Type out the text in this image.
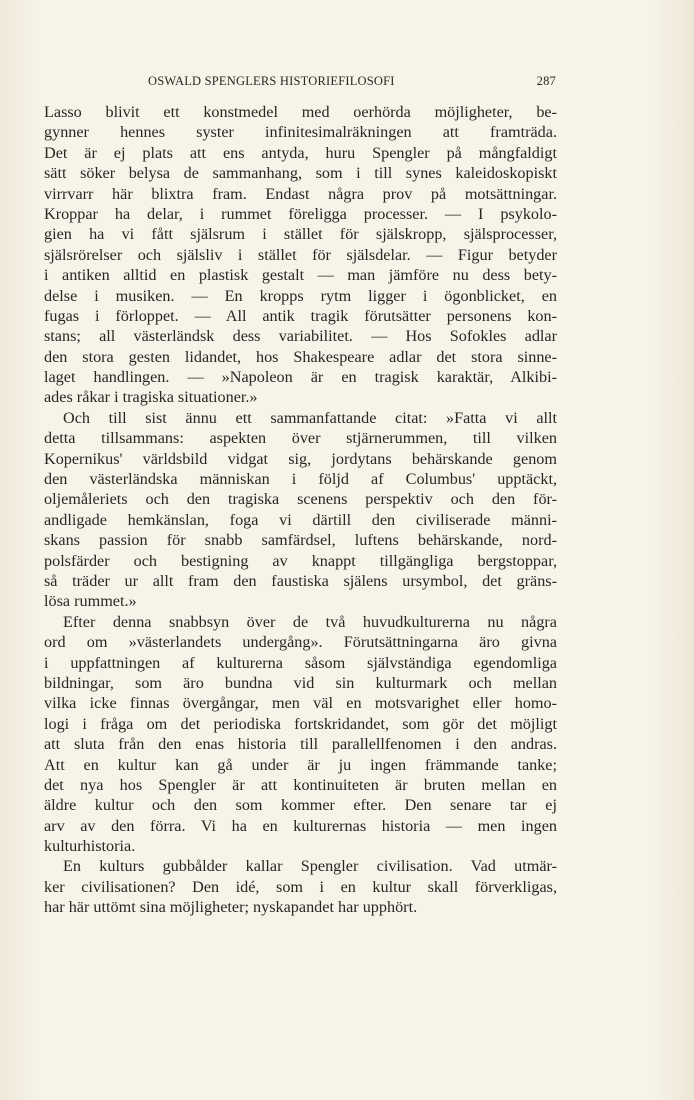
OSWALD SPENGLERS HISTORIEFILOSOFI	287
Lasso blivit ett konstmedel med oerhörda möjligheter, be-
gynner hennes syster infinitesimalräkningen att framträda.
Det är ej plats att ens antyda, huru Spengler på mångfaldigt
sätt söker belysa de sammanhang, som i till synes kaleidoskopiskt
virrvarr här blixtra fram. Endast några prov på motsättningar.
Kroppar ha delar, i rummet föreligga processer. — I psykolo-
gien ha vi fått själsrum i stället för själskropp, själsprocesser,
själsrörelser och själsliv i stället för själsdelar. — Figur betyder
i antiken alltid en plastisk gestalt — man jämföre nu dess bety-
delse i musiken. — En kropps rytm ligger i ögonblicket, en
fugas i förloppet. — All antik tragik förutsätter personens kon-
stans; all västerländsk dess variabilitet. — Hos Sofokles adlar
den stora gesten lidandet, hos Shakespeare adlar det stora sinne-
laget handlingen. — »Napoleon är en tragisk karaktär, Alkibi-
ades råkar i tragiska situationer.»
Och till sist ännu ett sammanfattande citat: »Fatta vi allt
detta tillsammans: aspekten över stjärnerummen, till vilken
Kopernikus' världsbild vidgat sig, jordytans behärskande genom
den västerländska människan i följd af Columbus' upptäckt,
oljemåleriets och den tragiska scenens perspektiv och den för-
andligade hemkänslan, foga vi därtill den civiliserade männi-
skans passion för snabb samfärdsel, luftens behärskande, nord-
polsfärder och bestigning av knappt tillgängliga bergstoppar,
så träder ur allt fram den faustiska själens ursymbol, det gräns-
lösa rummet.»
Efter denna snabbsyn över de två huvudkulturerna nu några
ord om »västerlandets undergång». Förutsättningarna äro givna
i uppfattningen af kulturerna såsom självständiga egendomliga
bildningar, som äro bundna vid sin kulturmark och mellan
vilka icke finnas övergångar, men väl en motsvarighet eller homo-
logi i fråga om det periodiska fortskridandet, som gör det möjligt
att sluta från den enas historia till parallellfenomen i den andras.
Att en kultur kan gå under är ju ingen främmande tanke;
det nya hos Spengler är att kontinuiteten är bruten mellan en
äldre kultur och den som kommer efter. Den senare tar ej
arv av den förra. Vi ha en kulturernas historia — men ingen
kulturhistoria.
En kulturs gubbålder kallar Spengler civilisation. Vad utmär-
ker civilisationen? Den idé, som i en kultur skall förverkligas,
har här uttömt sina möjligheter; nyskapandet har upphört.
